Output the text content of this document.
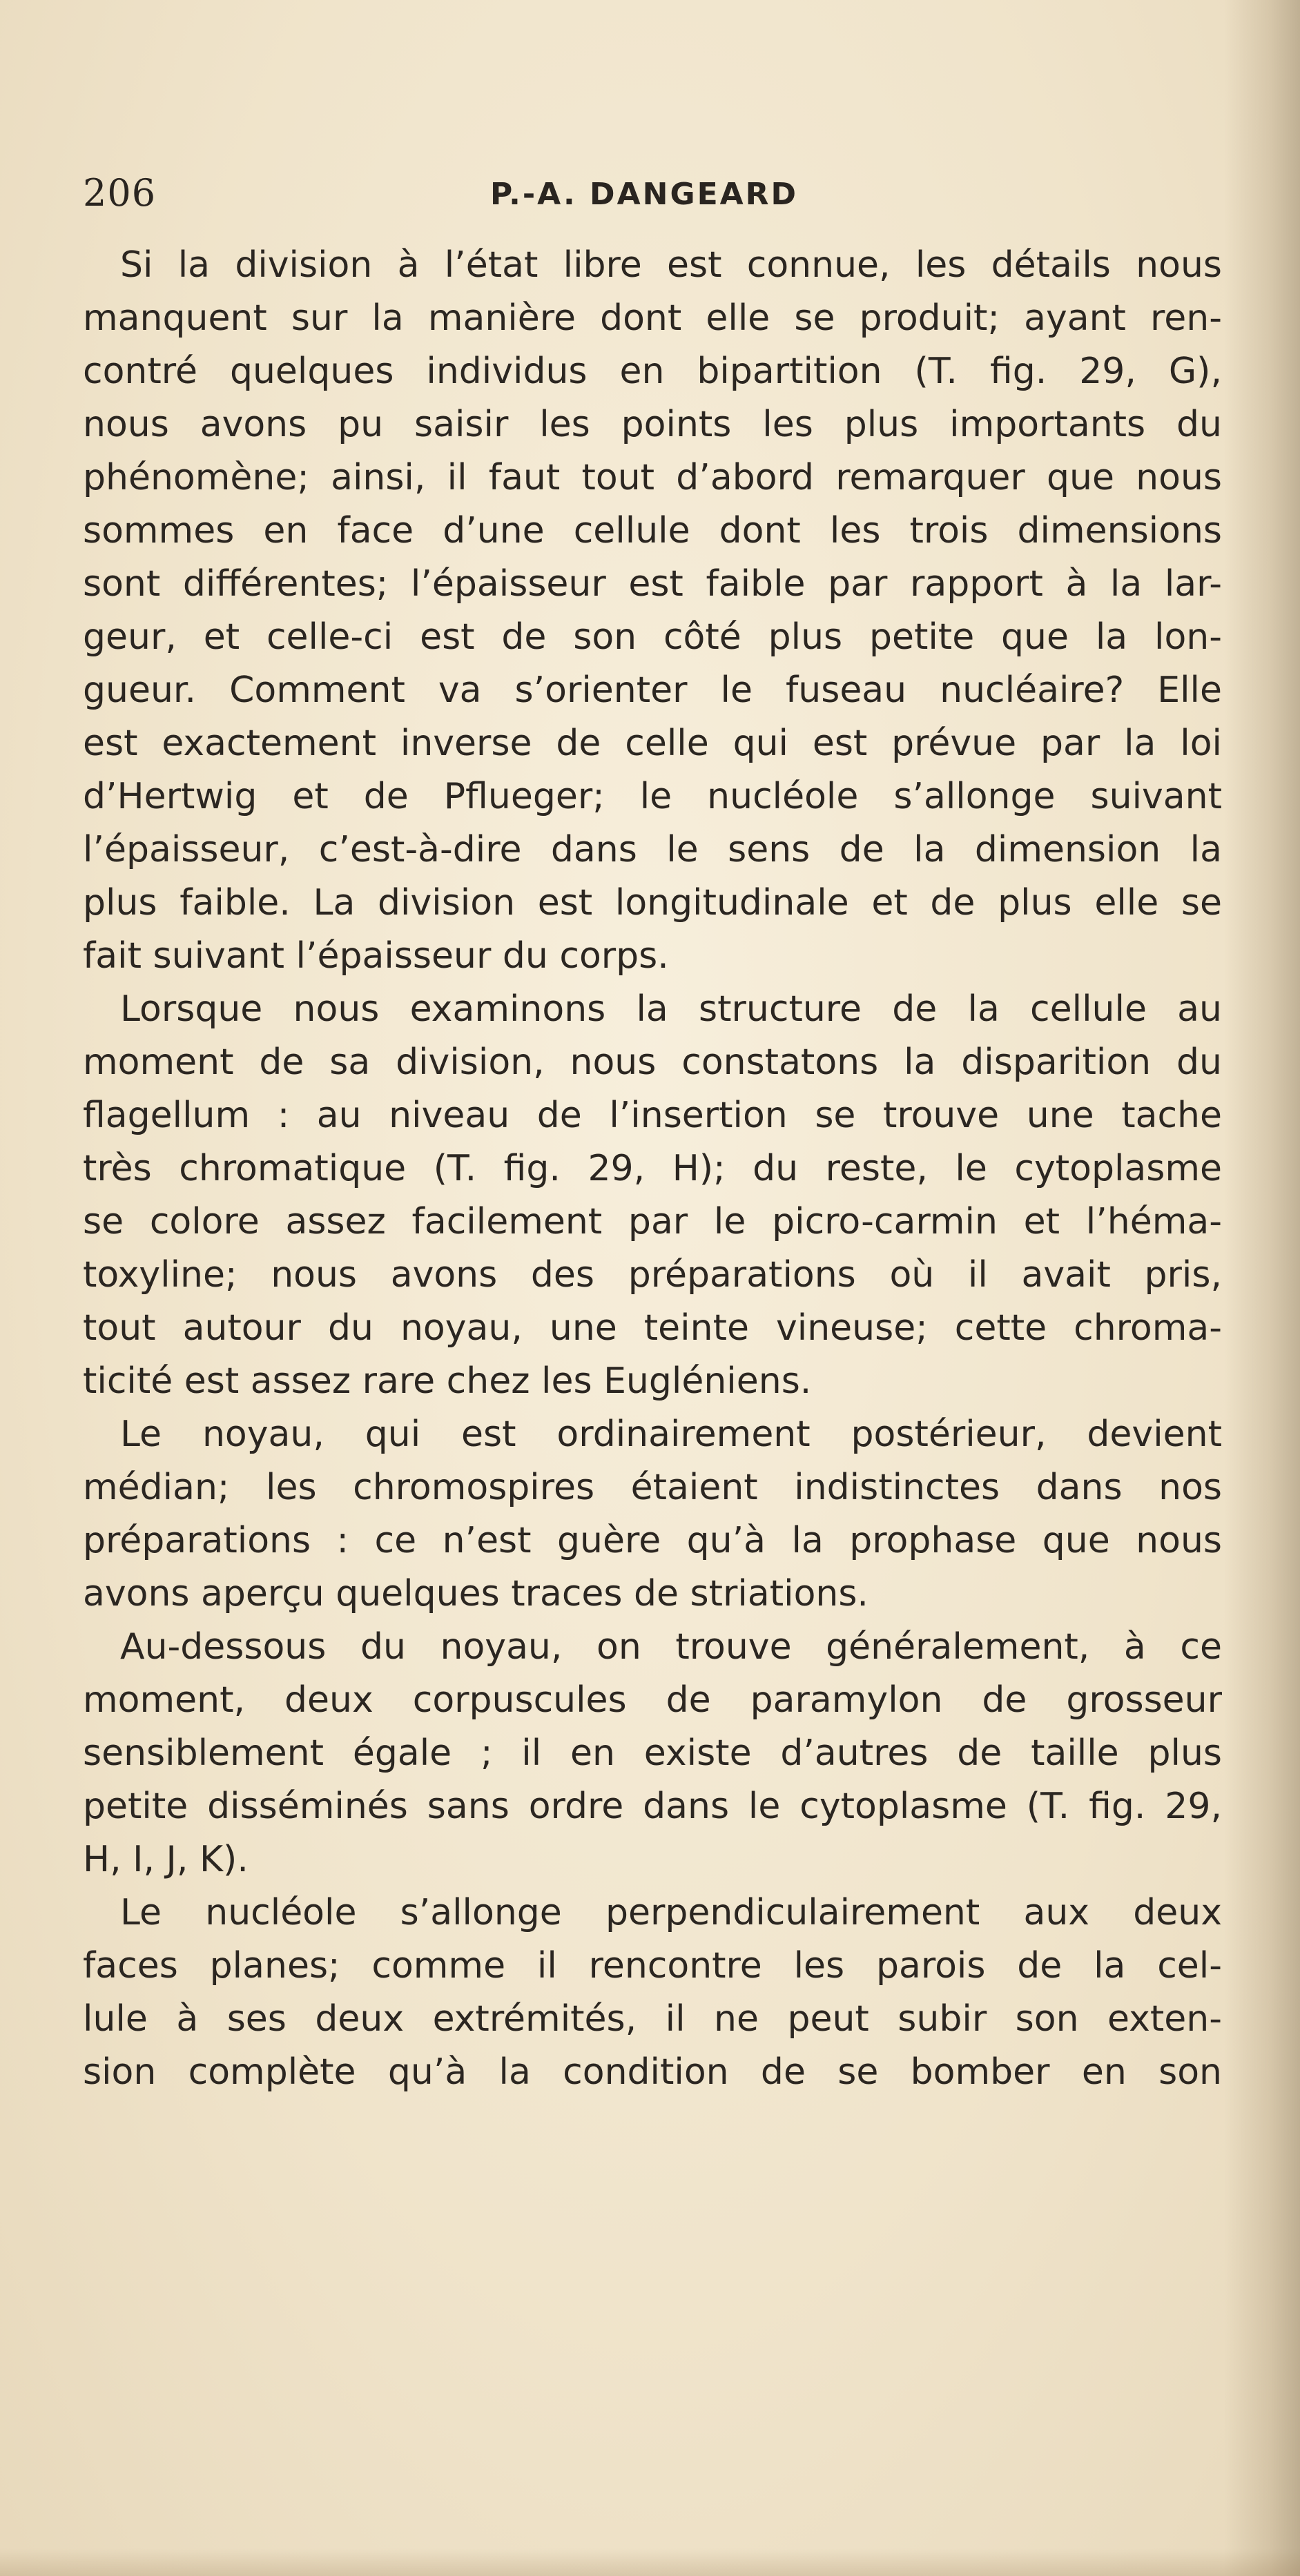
206	P.-A. DANGEARD
Si la division à l’état libre est connue, les détails nous
manquent sur la manière dont elle se produit; ayant ren-
contré quelques individus en bipartition (T. fig. 29, G),
nous avons pu saisir les points les plus importants du
phénomène; ainsi, il faut tout d’abord remarquer que nous
sommes en face d’une cellule dont les trois dimensions
sont différentes; l’épaisseur est faible par rapport à la lar-
geur, et celle-ci est de son côté plus petite que la lon-
gueur. Comment va s’orienter le fuseau nucléaire? Elle
est exactement inverse de celle qui est prévue par la loi
d’Hertwig et de Pflueger; le nucléole s’allonge suivant
l’épaisseur, c’est-à-dire dans le sens de la dimension la
plus faible. La division est longitudinale et de plus elle se
fait suivant l’épaisseur du corps.
Lorsque nous examinons la structure de la cellule au
moment de sa division, nous constatons la disparition du
flagellum : au niveau de l’insertion se trouve une tache
très chromatique (T. fig. 29, H); du reste, le cytoplasme
se colore assez facilement par le picro-carmin et l’héma-
toxyline; nous avons des préparations où il avait pris,
tout autour du noyau, une teinte vineuse; cette chroma-
ticité est assez rare chez les Eugléniens.
Le noyau, qui est ordinairement postérieur, devient
médian; les chromospires étaient indistinctes dans nos
préparations : ce n’est guère qu’à la prophase que nous
avons aperçu quelques traces de striations.
Au-dessous du noyau, on trouve généralement, à ce
moment, deux corpuscules de paramylon de grosseur
sensiblement égale ; il en existe d’autres de taille plus
petite disséminés sans ordre dans le cytoplasme (T. fig. 29,
H, I, J, K).
Le nucléole s’allonge perpendiculairement aux deux
faces planes; comme il rencontre les parois de la cel-
lule à ses deux extrémités, il ne peut subir son exten-
sion complète qu’à la condition de se bomber en son
